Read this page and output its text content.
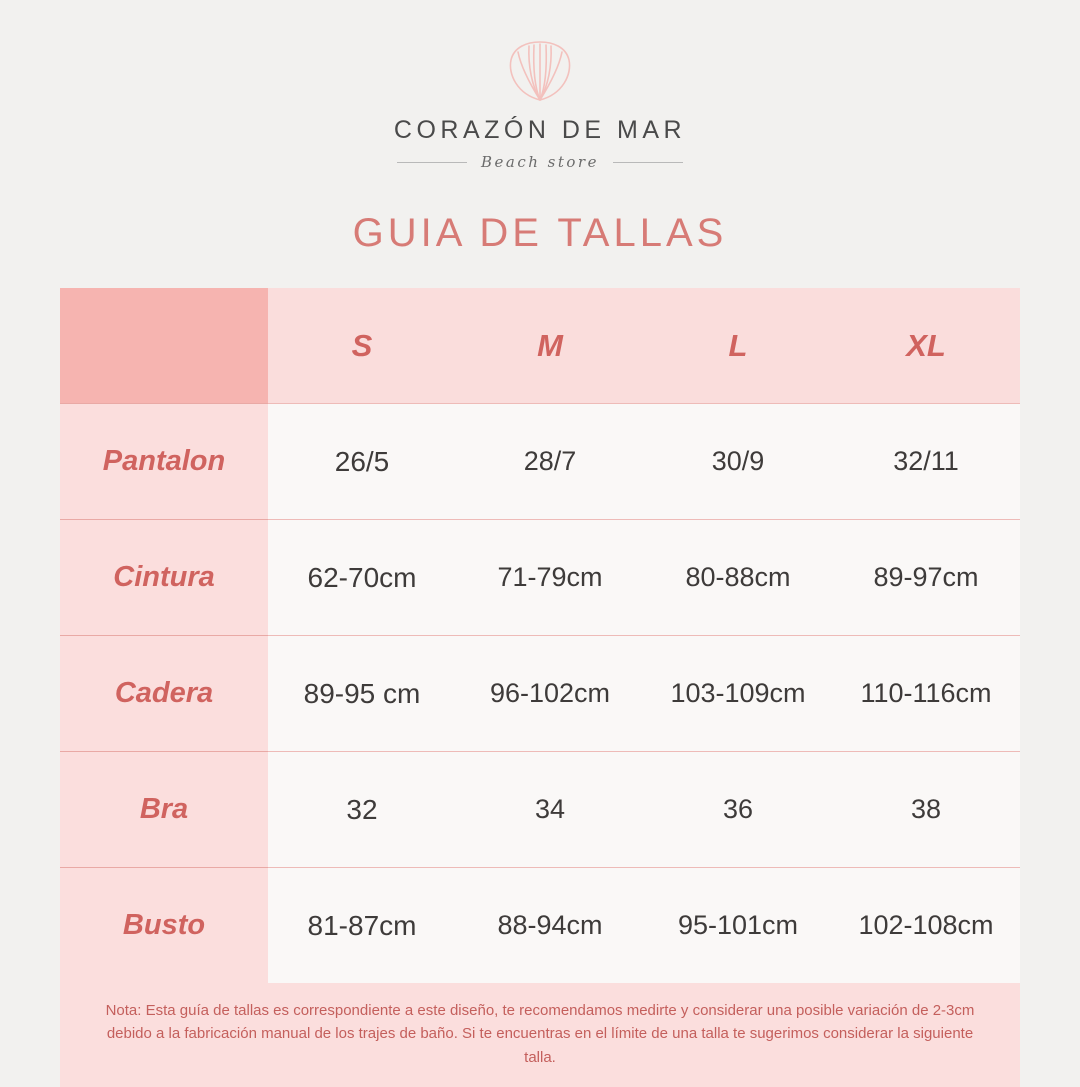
CORAZÓN DE MAR
Beach store
GUIA DE TALLAS
	S	M	L	XL
Pantalon	26/5	28/7	30/9	32/11
Cintura	62-70cm	71-79cm	80-88cm	89-97cm
Cadera	89-95 cm	96-102cm	103-109cm	110-116cm
Bra	32	34	36	38
Busto	81-87cm	88-94cm	95-101cm	102-108cm
Nota: Esta guía de tallas es correspondiente a este diseño, te recomendamos medirte y considerar una posible variación de 2-3cm debido a la fabricación manual de los trajes de baño. Si te encuentras en el límite de una talla te sugerimos considerar la siguiente talla.
